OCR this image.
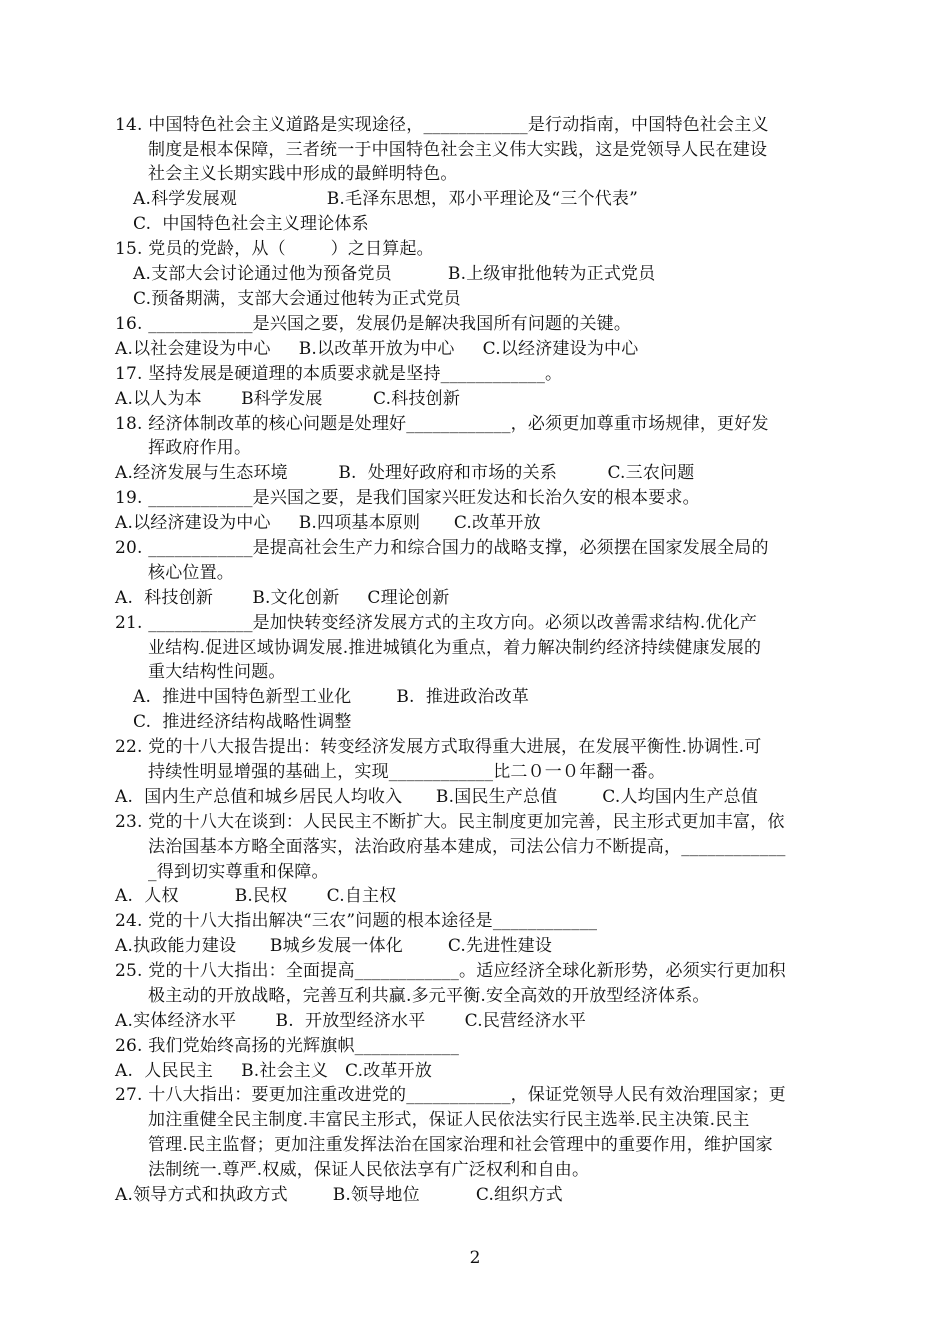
14. 中国特色社会主义道路是实现途径，____________是行动指南，中国特色社会主义
制度是根本保障，三者统一于中国特色社会主义伟大实践，这是党领导人民在建设
社会主义长期实践中形成的最鲜明特色。
A.科学发展观                B.毛泽东思想，邓小平理论及“三个代表”
C.  中国特色社会主义理论体系
15. 党员的党龄，从（        ）之日算起。
A.支部大会讨论通过他为预备党员          B.上级审批他转为正式党员
C.预备期满，支部大会通过他转为正式党员
16. ____________是兴国之要，发展仍是解决我国所有问题的关键。
A.以社会建设为中心     B.以改革开放为中心     C.以经济建设为中心
17. 坚持发展是硬道理的本质要求就是坚持____________。
A.以人为本       B科学发展         C.科技创新
18. 经济体制改革的核心问题是处理好____________，必须更加尊重市场规律，更好发
挥政府作用。
A.经济发展与生态环境         B.  处理好政府和市场的关系         C.三农问题
19. ____________是兴国之要，是我们国家兴旺发达和长治久安的根本要求。
A.以经济建设为中心     B.四项基本原则      C.改革开放
20. ____________是提高社会生产力和综合国力的战略支撑，必须摆在国家发展全局的
核心位置。
A.  科技创新       B.文化创新     C理论创新
21. ____________是加快转变经济发展方式的主攻方向。必须以改善需求结构.优化产
业结构.促进区域协调发展.推进城镇化为重点，着力解决制约经济持续健康发展的
重大结构性问题。
A.  推进中国特色新型工业化        B.  推进政治改革
C.  推进经济结构战略性调整
22. 党的十八大报告提出：转变经济发展方式取得重大进展，在发展平衡性.协调性.可
持续性明显增强的基础上，实现____________比二０一０年翻一番。
A.  国内生产总值和城乡居民人均收入      B.国民生产总值        C.人均国内生产总值
23. 党的十八大在谈到：人民民主不断扩大。民主制度更加完善，民主形式更加丰富，依
法治国基本方略全面落实，法治政府基本建成，司法公信力不断提高，____________
_得到切实尊重和保障。
A.  人权          B.民权       C.自主权
24. 党的十八大指出解决“三农”问题的根本途径是____________
A.执政能力建设      B城乡发展一体化        C.先进性建设
25. 党的十八大指出：全面提高____________。适应经济全球化新形势，必须实行更加积
极主动的开放战略，完善互利共赢.多元平衡.安全高效的开放型经济体系。
A.实体经济水平       B.  开放型经济水平       C.民营经济水平
26. 我们党始终高扬的光辉旗帜____________
A.  人民民主     B.社会主义   C.改革开放
27. 十八大指出：要更加注重改进党的____________，保证党领导人民有效治理国家；更
加注重健全民主制度.丰富民主形式，保证人民依法实行民主选举.民主决策.民主
管理.民主监督；更加注重发挥法治在国家治理和社会管理中的重要作用，维护国家
法制统一.尊严.权威，保证人民依法享有广泛权利和自由。
A.领导方式和执政方式        B.领导地位          C.组织方式
2
